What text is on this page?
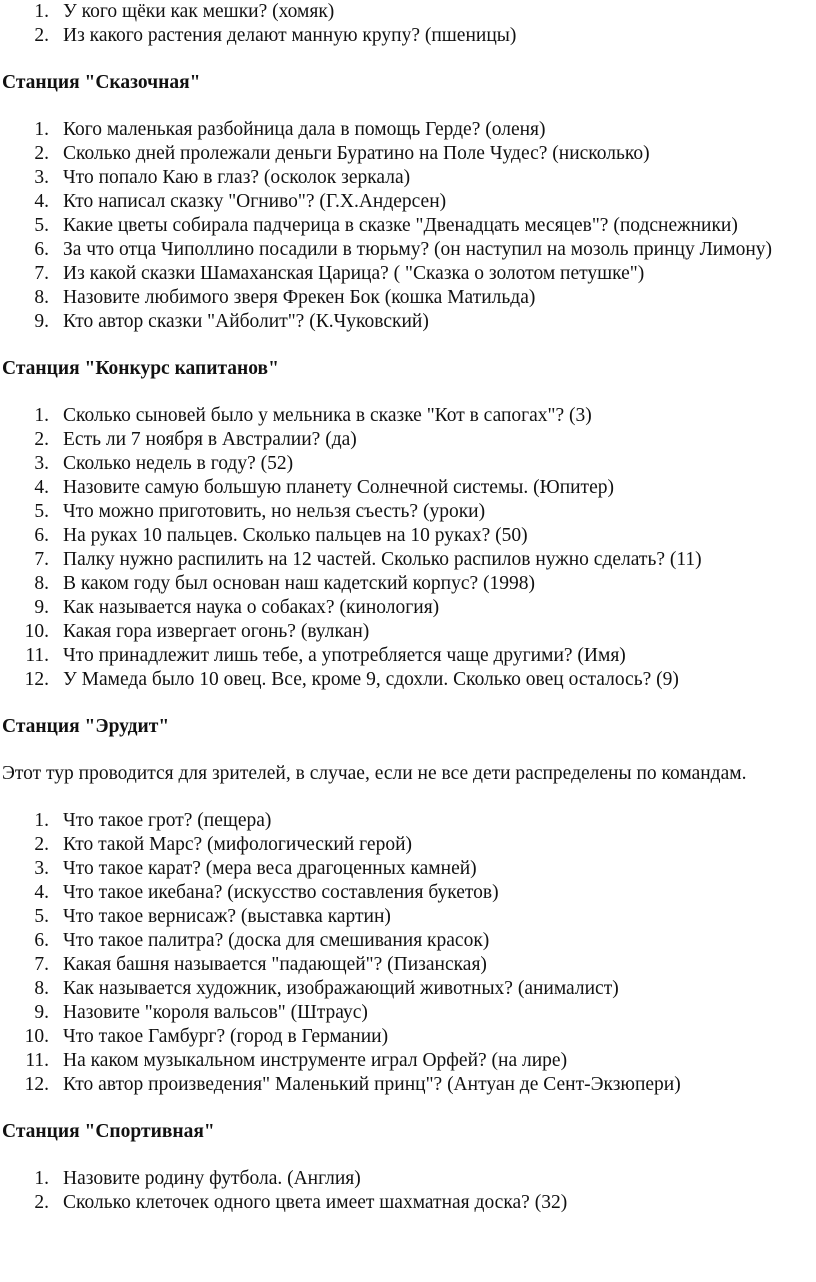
1. У кого щёки как мешки? (хомяк)
2. Из какого растения делают манную крупу? (пшеницы)
Станция "Сказочная"
1. Кого маленькая разбойница дала в помощь Герде? (оленя)
2. Сколько дней пролежали деньги Буратино на Поле Чудес? (нисколько)
3. Что попало Каю в глаз? (осколок зеркала)
4. Кто написал сказку "Огниво"? (Г.Х.Андерсен)
5. Какие цветы собирала падчерица в сказке "Двенадцать месяцев"? (подснежники)
6. За что отца Чиполлино посадили в тюрьму? (он наступил на мозоль принцу Лимону)
7. Из какой сказки Шамаханская Царица? ( "Сказка о золотом петушке")
8. Назовите любимого зверя Фрекен Бок (кошка Матильда)
9. Кто автор сказки "Айболит"? (К.Чуковский)
Станция "Конкурс капитанов"
1. Сколько сыновей было у мельника в сказке "Кот в сапогах"? (3)
2. Есть ли 7 ноября в Австралии? (да)
3. Сколько недель в году? (52)
4. Назовите самую большую планету Солнечной системы. (Юпитер)
5. Что можно приготовить, но нельзя съесть? (уроки)
6. На руках 10 пальцев. Сколько пальцев на 10 руках? (50)
7. Палку нужно распилить на 12 частей. Сколько распилов нужно сделать? (11)
8. В каком году был основан наш кадетский корпус? (1998)
9. Как называется наука о собаках? (кинология)
10. Какая гора извергает огонь? (вулкан)
11. Что принадлежит лишь тебе, а употребляется чаще другими? (Имя)
12. У Мамеда было 10 овец. Все, кроме 9, сдохли. Сколько овец осталось? (9)
Станция "Эрудит"

Этот тур проводится для зрителей, в случае, если не все дети распределены по командам.

1. Что такое грот? (пещера)
2. Кто такой Марс? (мифологический герой)
3. Что такое карат? (мера веса драгоценных камней)
4. Что такое икебана? (искусство составления букетов)
5. Что такое вернисаж? (выставка картин)
6. Что такое палитра? (доска для смешивания красок)
7. Какая башня называется "падающей"? (Пизанская)
8. Как называется художник, изображающий животных? (анималист)
9. Назовите "короля вальсов" (Штраус)
10. Что такое Гамбург? (город в Германии)
11. На каком музыкальном инструменте играл Орфей? (на лире)
12. Кто автор произведения" Маленький принц"? (Антуан де Сент-Экзюпери)
Станция "Спортивная"
1. Назовите родину футбола. (Англия)
2. Сколько клеточек одного цвета имеет шахматная доска? (32)
